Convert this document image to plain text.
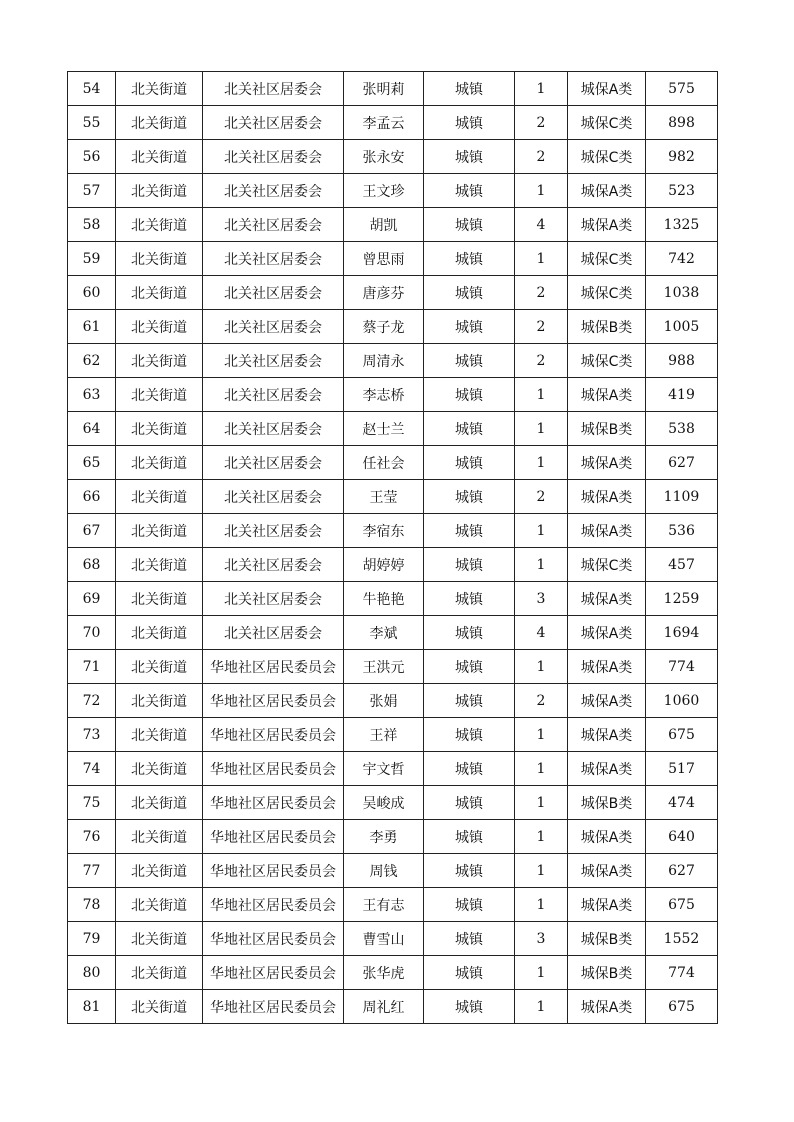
54	北关街道	北关社区居委会	张明莉	城镇	1	城保A类	575
55	北关街道	北关社区居委会	李孟云	城镇	2	城保C类	898
56	北关街道	北关社区居委会	张永安	城镇	2	城保C类	982
57	北关街道	北关社区居委会	王文珍	城镇	1	城保A类	523
58	北关街道	北关社区居委会	胡凯	城镇	4	城保A类	1325
59	北关街道	北关社区居委会	曾思雨	城镇	1	城保C类	742
60	北关街道	北关社区居委会	唐彦芬	城镇	2	城保C类	1038
61	北关街道	北关社区居委会	蔡子龙	城镇	2	城保B类	1005
62	北关街道	北关社区居委会	周清永	城镇	2	城保C类	988
63	北关街道	北关社区居委会	李志桥	城镇	1	城保A类	419
64	北关街道	北关社区居委会	赵士兰	城镇	1	城保B类	538
65	北关街道	北关社区居委会	任社会	城镇	1	城保A类	627
66	北关街道	北关社区居委会	王莹	城镇	2	城保A类	1109
67	北关街道	北关社区居委会	李宿东	城镇	1	城保A类	536
68	北关街道	北关社区居委会	胡婷婷	城镇	1	城保C类	457
69	北关街道	北关社区居委会	牛艳艳	城镇	3	城保A类	1259
70	北关街道	北关社区居委会	李斌	城镇	4	城保A类	1694
71	北关街道	华地社区居民委员会	王洪元	城镇	1	城保A类	774
72	北关街道	华地社区居民委员会	张娟	城镇	2	城保A类	1060
73	北关街道	华地社区居民委员会	王祥	城镇	1	城保A类	675
74	北关街道	华地社区居民委员会	宇文哲	城镇	1	城保A类	517
75	北关街道	华地社区居民委员会	吴峻成	城镇	1	城保B类	474
76	北关街道	华地社区居民委员会	李勇	城镇	1	城保A类	640
77	北关街道	华地社区居民委员会	周钱	城镇	1	城保A类	627
78	北关街道	华地社区居民委员会	王有志	城镇	1	城保A类	675
79	北关街道	华地社区居民委员会	曹雪山	城镇	3	城保B类	1552
80	北关街道	华地社区居民委员会	张华虎	城镇	1	城保B类	774
81	北关街道	华地社区居民委员会	周礼红	城镇	1	城保A类	675
